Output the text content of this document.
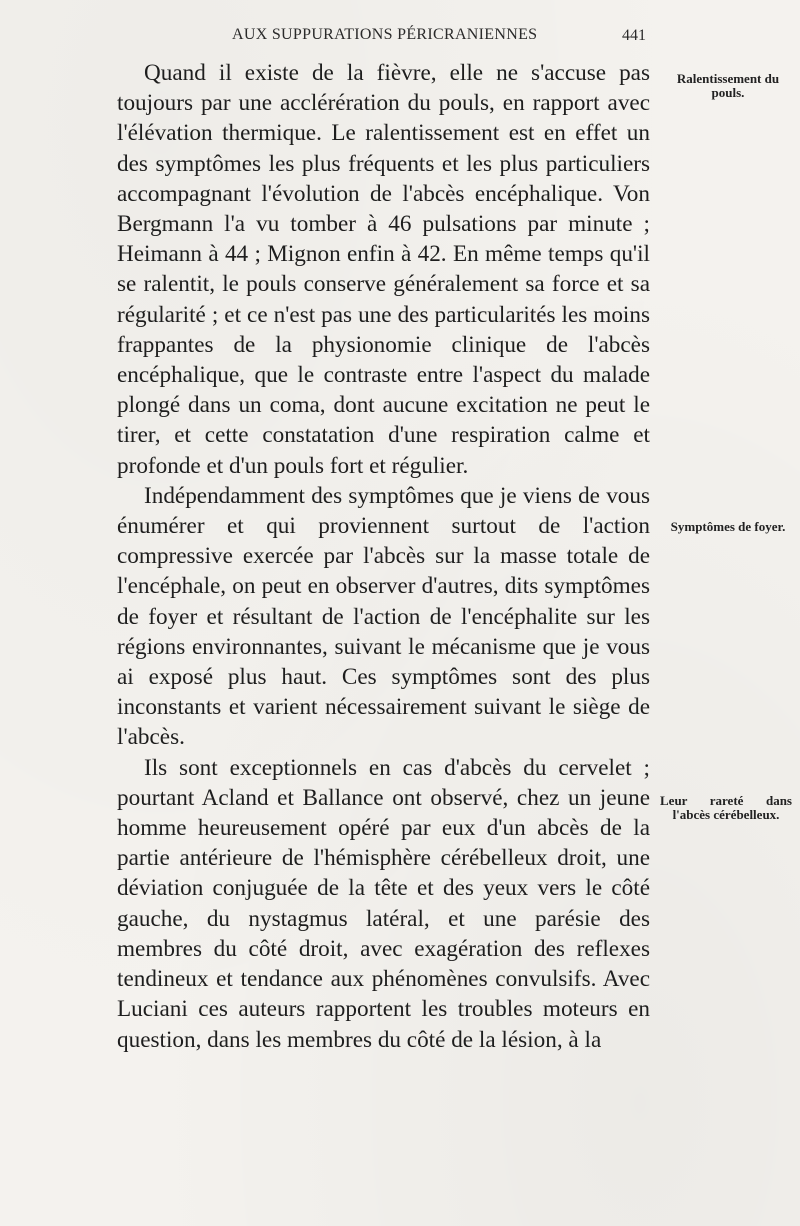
AUX SUPPURATIONS PÉRICRANIENNES	441

Quand il existe de la fièvre, elle ne s'accuse pas toujours par une acclérération du pouls, en rapport avec l'élévation thermique. Le ralentissement est en effet un des symptômes les plus fréquents et les plus particuliers accompagnant l'évolution de l'abcès encéphalique. Von Bergmann l'a vu tomber à 46 pulsations par minute ; Heimann à 44 ; Mignon enfin à 42. En même temps qu'il se ralentit, le pouls conserve généralement sa force et sa régularité ; et ce n'est pas une des particularités les moins frappantes de la physionomie clinique de l'abcès encéphalique, que le contraste entre l'aspect du malade plongé dans un coma, dont aucune excitation ne peut le tirer, et cette constatation d'une respiration calme et profonde et d'un pouls fort et régulier.

Indépendamment des symptômes que je viens de vous énumérer et qui proviennent surtout de l'action compressive exercée par l'abcès sur la masse totale de l'encéphale, on peut en observer d'autres, dits symptômes de foyer et résultant de l'action de l'encéphalite sur les régions environnantes, suivant le mécanisme que je vous ai exposé plus haut. Ces symptômes sont des plus inconstants et varient nécessairement suivant le siège de l'abcès.

Ils sont exceptionnels en cas d'abcès du cervelet ; pourtant Acland et Ballance ont observé, chez un jeune homme heureusement opéré par eux d'un abcès de la partie antérieure de l'hémisphère cérébelleux droit, une déviation conjuguée de la tête et des yeux vers le côté gauche, du nystagmus latéral, et une parésie des membres du côté droit, avec exagération des reflexes tendineux et tendance aux phénomènes convulsifs. Avec Luciani ces auteurs rapportent les troubles moteurs en question, dans les membres du côté de la lésion, à la

Ralentissement du pouls.
Symptômes de foyer.
Leur rareté dans l'abcès cérébelleux.
